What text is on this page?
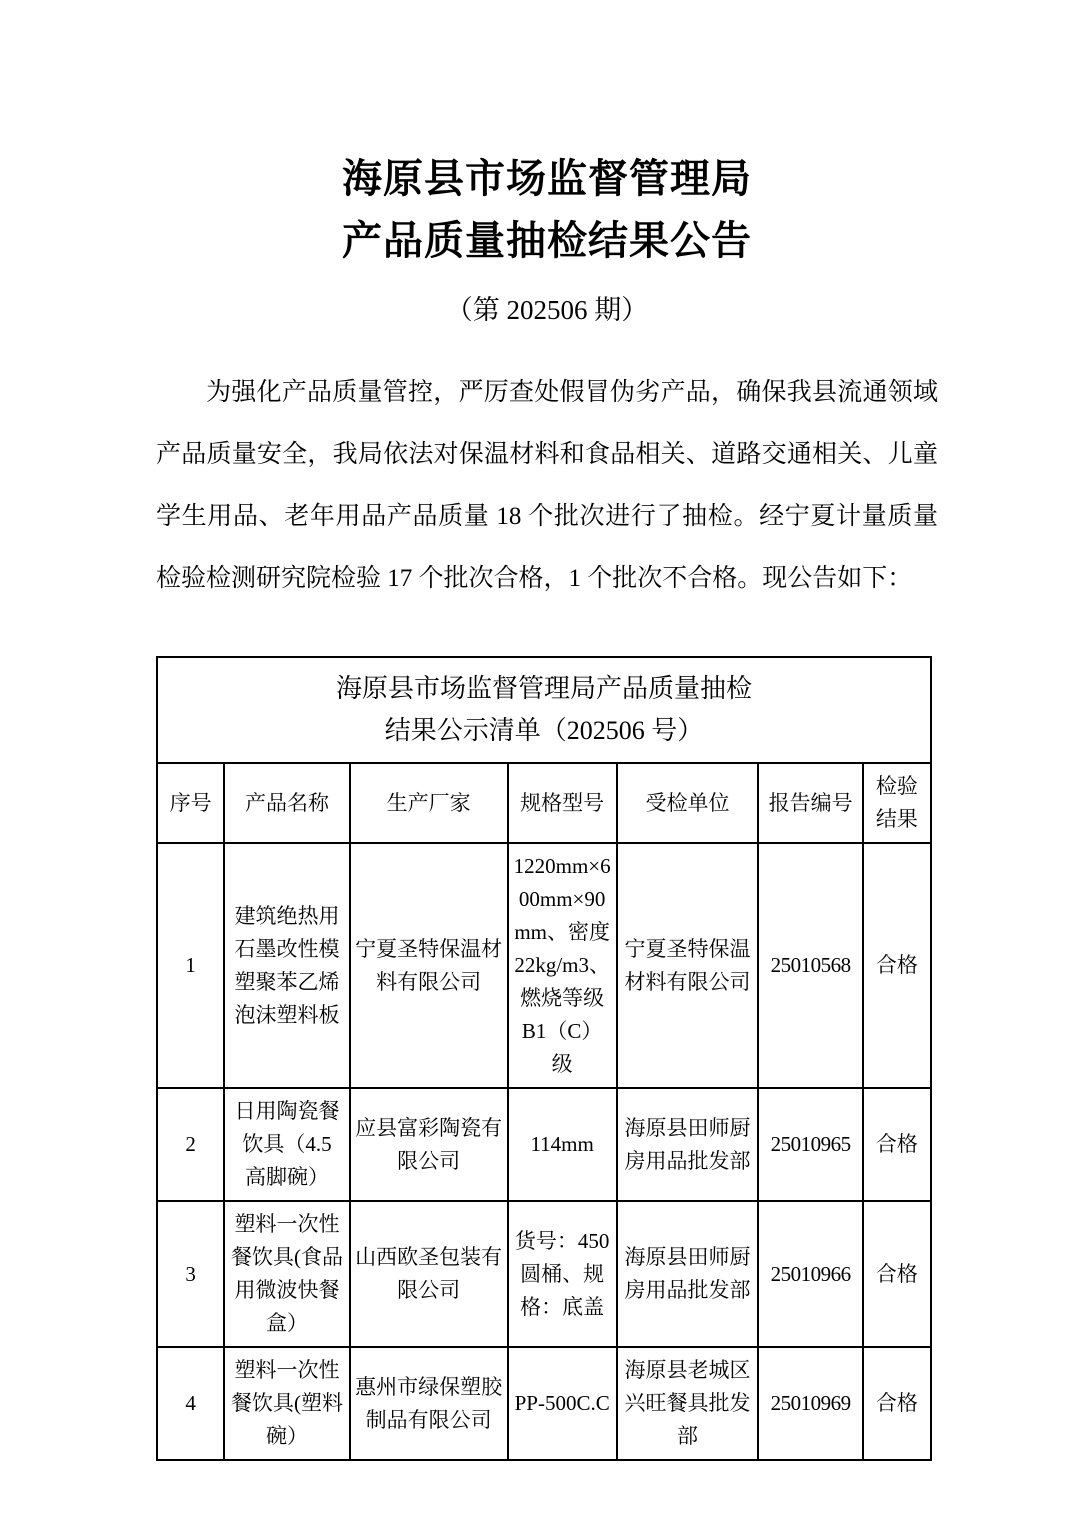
海原县市场监督管理局
产品质量抽检结果公告
（第 202506 期）

为强化产品质量管控，严厉查处假冒伪劣产品，确保我县流通领域产品质量安全，我局依法对保温材料和食品相关、道路交通相关、儿童学生用品、老年用品产品质量 18 个批次进行了抽检。经宁夏计量质量检验检测研究院检验 17 个批次合格，1 个批次不合格。现公告如下：

海原县市场监督管理局产品质量抽检
结果公示清单（202506 号）						

序号	产品名称	生产厂家	规格型号	受检单位	报告编号	检验结果
1	建筑绝热用石墨改性模塑聚苯乙烯泡沫塑料板	宁夏圣特保温材料有限公司	1220mm×600mm×90mm、密度 22kg/m3、燃烧等级 B1（C）级	宁夏圣特保温材料有限公司	25010568	合格
2	日用陶瓷餐饮具（4.5 高脚碗）	应县富彩陶瓷有限公司	114mm	海原县田师厨房用品批发部	25010965	合格
3	塑料一次性餐饮具(食品用微波快餐盒）	山西欧圣包装有限公司	货号：450 圆桶、规格：底盖	海原县田师厨房用品批发部	25010966	合格
4	塑料一次性餐饮具(塑料碗）	惠州市绿保塑胶制品有限公司	PP-500C.C	海原县老城区兴旺餐具批发部	25010969	合格
